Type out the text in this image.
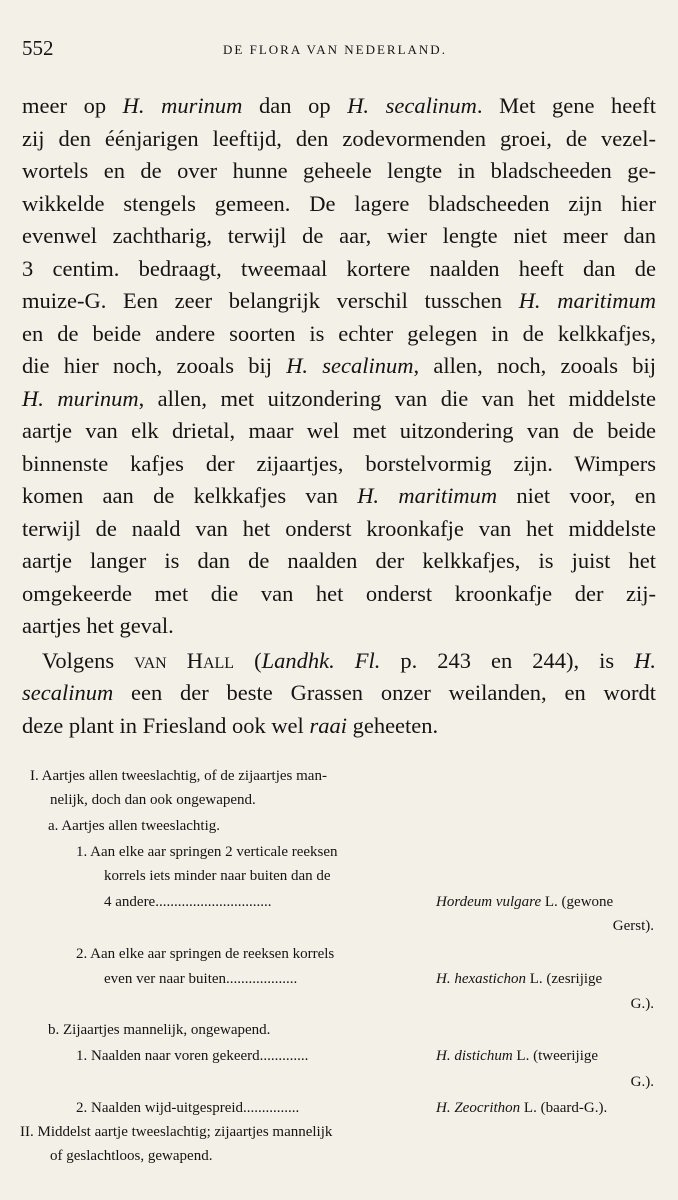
552	DE FLORA VAN NEDERLAND.

meer op H. murinum dan op H. secalinum. Met gene heeft
zij den éénjarigen leeftijd, den zodevormenden groei, de vezel-
wortels en de over hunne geheele lengte in bladscheeden ge-
wikkelde stengels gemeen. De lagere bladscheeden zijn hier
evenwel zachtharig, terwijl de aar, wier lengte niet meer dan
3 centim. bedraagt, tweemaal kortere naalden heeft dan de
muize-G. Een zeer belangrijk verschil tusschen H. maritimum
en de beide andere soorten is echter gelegen in de kelkkafjes,
die hier noch, zooals bij H. secalinum, allen, noch, zooals bij
H. murinum, allen, met uitzondering van die van het middelste
aartje van elk drietal, maar wel met uitzondering van de beide
binnenste kafjes der zijaartjes, borstelvormig zijn. Wimpers
komen aan de kelkkafjes van H. maritimum niet voor, en
terwijl de naald van het onderst kroonkafje van het middelste
aartje langer is dan de naalden der kelkkafjes, is juist het
omgekeerde met die van het onderst kroonkafje der zij-
aartjes het geval.

Volgens van Hall (Landhk. Fl. p. 243 en 244), is H.
secalinum een der beste Grassen onzer weilanden, en wordt
deze plant in Friesland ook wel raai geheeten.

I. Aartjes allen tweeslachtig, of de zijaartjes man-
nelijk, doch dan ook ongewapend.
a. Aartjes allen tweeslachtig.
1. Aan elke aar springen 2 verticale reeksen
korrels iets minder naar buiten dan de
4 andere...............................	Hordeum vulgare L. (gewone
Gerst).
2. Aan elke aar springen de reeksen korrels
even ver naar buiten...................	H. hexastichon L. (zesrijige
G.).
b. Zijaartjes mannelijk, ongewapend.
1. Naalden naar voren gekeerd.............	H. distichum L. (tweerijige
G.).
2. Naalden wijd-uitgespreid...............	H. Zeocrithon L. (baard-G.).
II. Middelst aartje tweeslachtig; zijaartjes mannelijk
of geslachtloos, gewapend.
